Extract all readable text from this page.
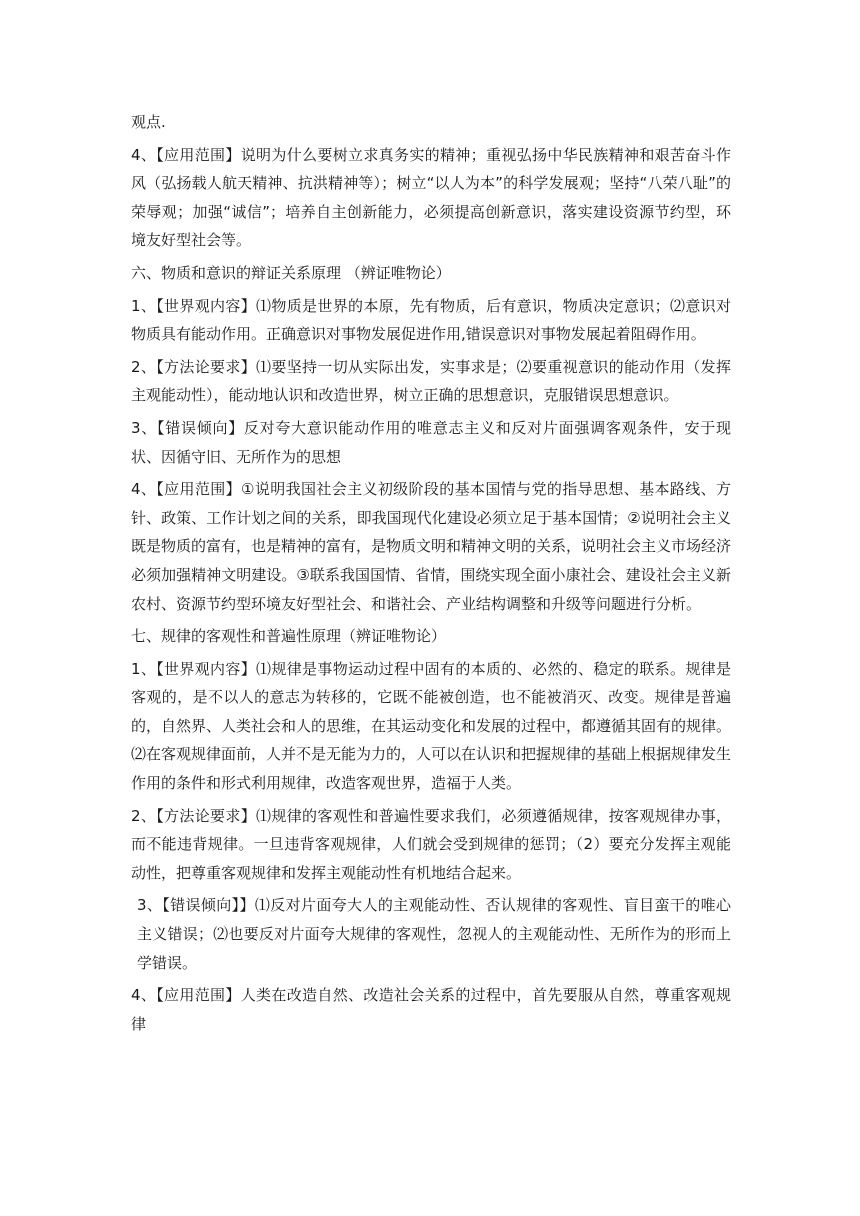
观点.

4、【应用范围】说明为什么要树立求真务实的精神；重视弘扬中华民族精神和艰苦奋斗作风（弘扬载人航天精神、抗洪精神等）；树立“以人为本”的科学发展观；坚持“八荣八耻”的荣辱观；加强“诚信”；培养自主创新能力，必须提高创新意识，落实建设资源节约型，环境友好型社会等。

六、物质和意识的辩证关系原理 （辨证唯物论）

1、【世界观内容】⑴物质是世界的本原，先有物质，后有意识，物质决定意识；⑵意识对物质具有能动作用。正确意识对事物发展促进作用,错误意识对事物发展起着阻碍作用。

2、【方法论要求】⑴要坚持一切从实际出发，实事求是；⑵要重视意识的能动作用（发挥主观能动性），能动地认识和改造世界，树立正确的思想意识，克服错误思想意识。

3、【错误倾向】反对夸大意识能动作用的唯意志主义和反对片面强调客观条件，安于现状、因循守旧、无所作为的思想

4、【应用范围】①说明我国社会主义初级阶段的基本国情与党的指导思想、基本路线、方针、政策、工作计划之间的关系，即我国现代化建设必须立足于基本国情；②说明社会主义既是物质的富有，也是精神的富有，是物质文明和精神文明的关系，说明社会主义市场经济必须加强精神文明建设。③联系我国国情、省情，围绕实现全面小康社会、建设社会主义新农村、资源节约型环境友好型社会、和谐社会、产业结构调整和升级等问题进行分析。

七、规律的客观性和普遍性原理（辨证唯物论）

1、【世界观内容】⑴规律是事物运动过程中固有的本质的、必然的、稳定的联系。规律是客观的，是不以人的意志为转移的，它既不能被创造，也不能被消灭、改变。规律是普遍的，自然界、人类社会和人的思维，在其运动变化和发展的过程中，都遵循其固有的规律。⑵在客观规律面前，人并不是无能为力的，人可以在认识和把握规律的基础上根据规律发生作用的条件和形式利用规律，改造客观世界，造福于人类。

2、【方法论要求】⑴规律的客观性和普遍性要求我们，必须遵循规律，按客观规律办事，而不能违背规律。一旦违背客观规律，人们就会受到规律的惩罚；（2）要充分发挥主观能动性，把尊重客观规律和发挥主观能动性有机地结合起来。

3、【错误倾向】】⑴反对片面夸大人的主观能动性、否认规律的客观性、盲目蛮干的唯心主义错误；⑵也要反对片面夸大规律的客观性，忽视人的主观能动性、无所作为的形而上学错误。

4、【应用范围】人类在改造自然、改造社会关系的过程中，首先要服从自然，尊重客观规律
